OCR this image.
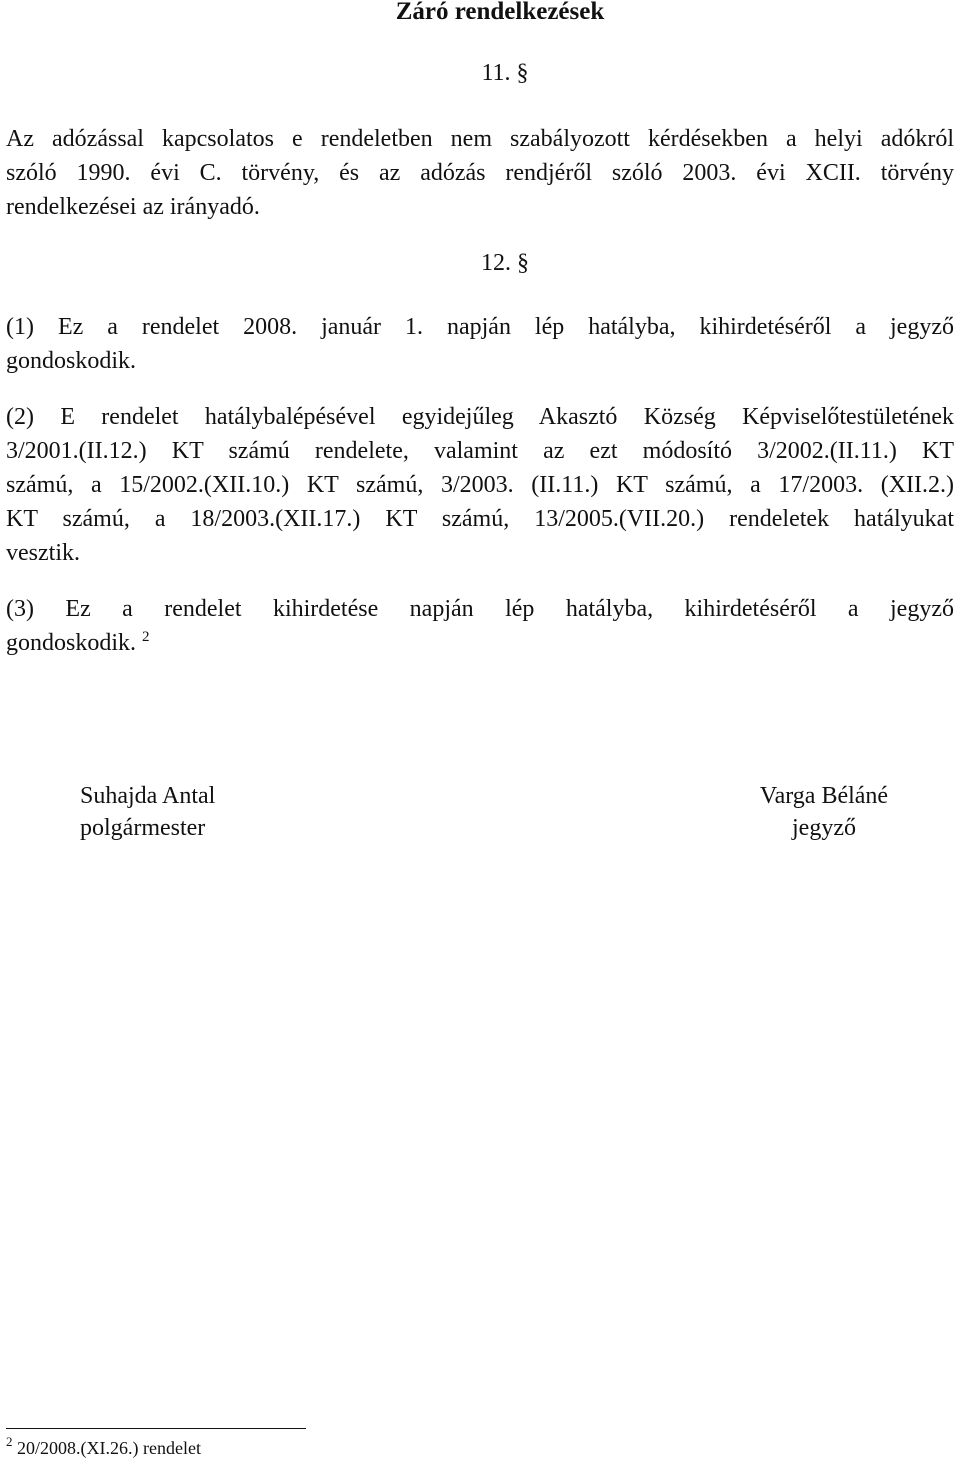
Záró rendelkezések
11. §
Az adózással kapcsolatos e rendeletben nem szabályozott kérdésekben a helyi adókról
szóló 1990. évi C. törvény, és az adózás rendjéről szóló 2003. évi XCII. törvény
rendelkezései az irányadó.
12. §
(1) Ez a rendelet 2008. január 1. napján lép hatályba, kihirdetéséről a jegyző
gondoskodik.
(2) E rendelet hatálybalépésével egyidejűleg Akasztó Község Képviselőtestületének
3/2001.(II.12.) KT számú rendelete, valamint az ezt módosító 3/2002.(II.11.) KT
számú, a 15/2002.(XII.10.) KT számú, 3/2003. (II.11.) KT számú, a 17/2003. (XII.2.)
KT számú, a 18/2003.(XII.17.) KT számú, 13/2005.(VII.20.) rendeletek hatályukat
vesztik.
(3) Ez a rendelet kihirdetése napján lép hatályba, kihirdetéséről a jegyző
gondoskodik. $^2$
Suhajda Antal
polgármester
Varga Béláné
jegyző
$^2$ 20/2008.(XI.26.) rendelet
